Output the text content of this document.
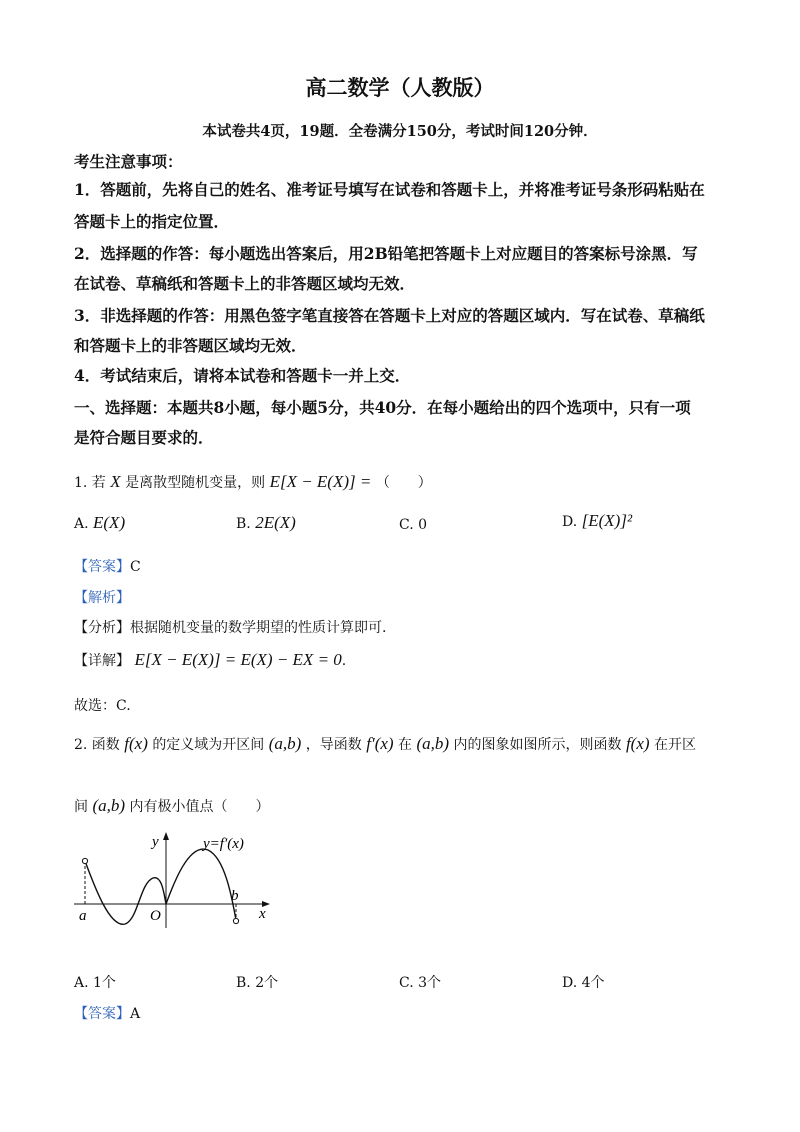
高二数学（人教版）
本试卷共4页，19题．全卷满分150分，考试时间120分钟．
考生注意事项：
1．答题前，先将自己的姓名、准考证号填写在试卷和答题卡上，并将准考证号条形码粘贴在
答题卡上的指定位置．
2．选择题的作答：每小题选出答案后，用2B铅笔把答题卡上对应题目的答案标号涂黑．写
在试卷、草稿纸和答题卡上的非答题区域均无效．
3．非选择题的作答：用黑色签字笔直接答在答题卡上对应的答题区域内．写在试卷、草稿纸
和答题卡上的非答题区域均无效．
4．考试结束后，请将本试卷和答题卡一并上交．
一、选择题：本题共8小题，每小题5分，共40分．在每小题给出的四个选项中，只有一项
是符合题目要求的．
1. 若 X 是离散型随机变量，则 E[X − E(X)] = （　　）
A. E(X)	B. 2E(X)	C. 0	D. [E(X)]²
【答案】C
【解析】
【分析】根据随机变量的数学期望的性质计算即可.
【详解】 E[X − E(X)] = E(X) − EX = 0.
故选：C.
2. 函数 f(x) 的定义域为开区间 (a,b) ，导函数 f′(x) 在 (a,b) 内的图象如图所示，则函数 f(x) 在开区
间 (a,b) 内有极小值点（　　）
y=f′(x)
y
x
a
b
O
A. 1个	B. 2个	C. 3个	D. 4个
【答案】A
